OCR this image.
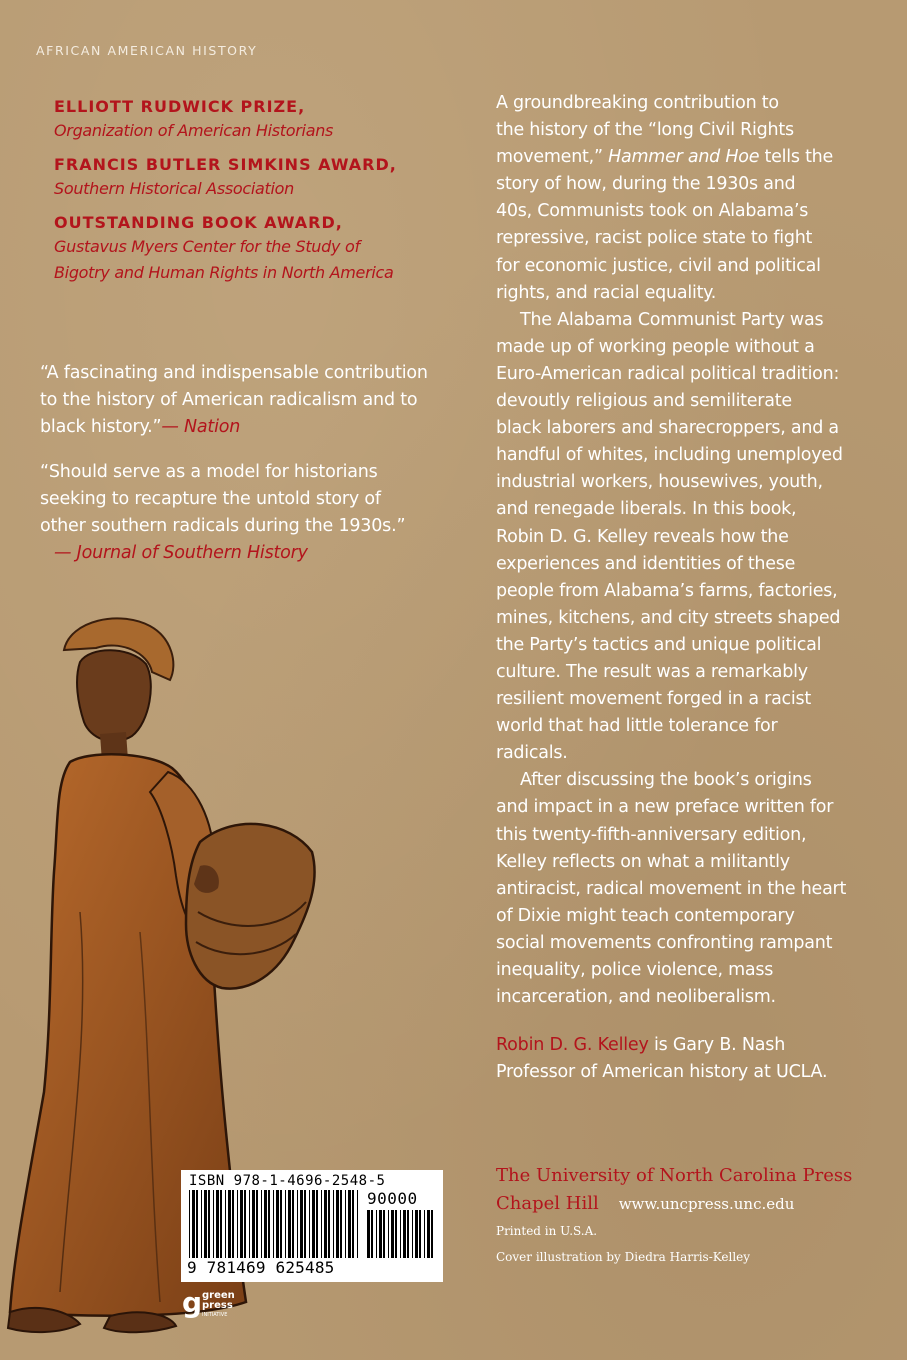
AFRICAN AMERICAN HISTORY
ELLIOTT RUDWICK PRIZE,
Organization of American Historians
FRANCIS BUTLER SIMKINS AWARD,
Southern Historical Association
OUTSTANDING BOOK AWARD,
Gustavus Myers Center for the Study of
Bigotry and Human Rights in North America
“A fascinating and indispensable contribution
to the history of American radicalism and to
black history.”— Nation
“Should serve as a model for historians
seeking to recapture the untold story of
other southern radicals during the 1930s.”
— Journal of Southern History

A groundbreaking contribution to
the history of the “long Civil Rights
movement,” Hammer and Hoe tells the
story of how, during the 1930s and
40s, Communists took on Alabama’s
repressive, racist police state to fight
for economic justice, civil and political
rights, and racial equality.

The Alabama Communist Party was
made up of working people without a
Euro-American radical political tradition:
devoutly religious and semiliterate
black laborers and sharecroppers, and a
handful of whites, including unemployed
industrial workers, housewives, youth,
and renegade liberals. In this book,
Robin D. G. Kelley reveals how the
experiences and identities of these
people from Alabama’s farms, factories,
mines, kitchens, and city streets shaped
the Party’s tactics and unique political
culture. The result was a remarkably
resilient movement forged in a racist
world that had little tolerance for
radicals.

After discussing the book’s origins
and impact in a new preface written for
this twenty-fifth-anniversary edition,
Kelley reflects on what a militantly
antiracist, radical movement in the heart
of Dixie might teach contemporary
social movements confronting rampant
inequality, police violence, mass
incarceration, and neoliberalism.

Robin D. G. Kelley is Gary B. Nash
Professor of American history at UCLA.
The University of North Carolina Press
Chapel Hill www.uncpress.unc.edu
Printed in U.S.A.
Cover illustration by Diedra Harris-Kelley
ISBN 978-1-4696-2548-5
90000
9 781469 625485
g green
press
INITIATIVE
